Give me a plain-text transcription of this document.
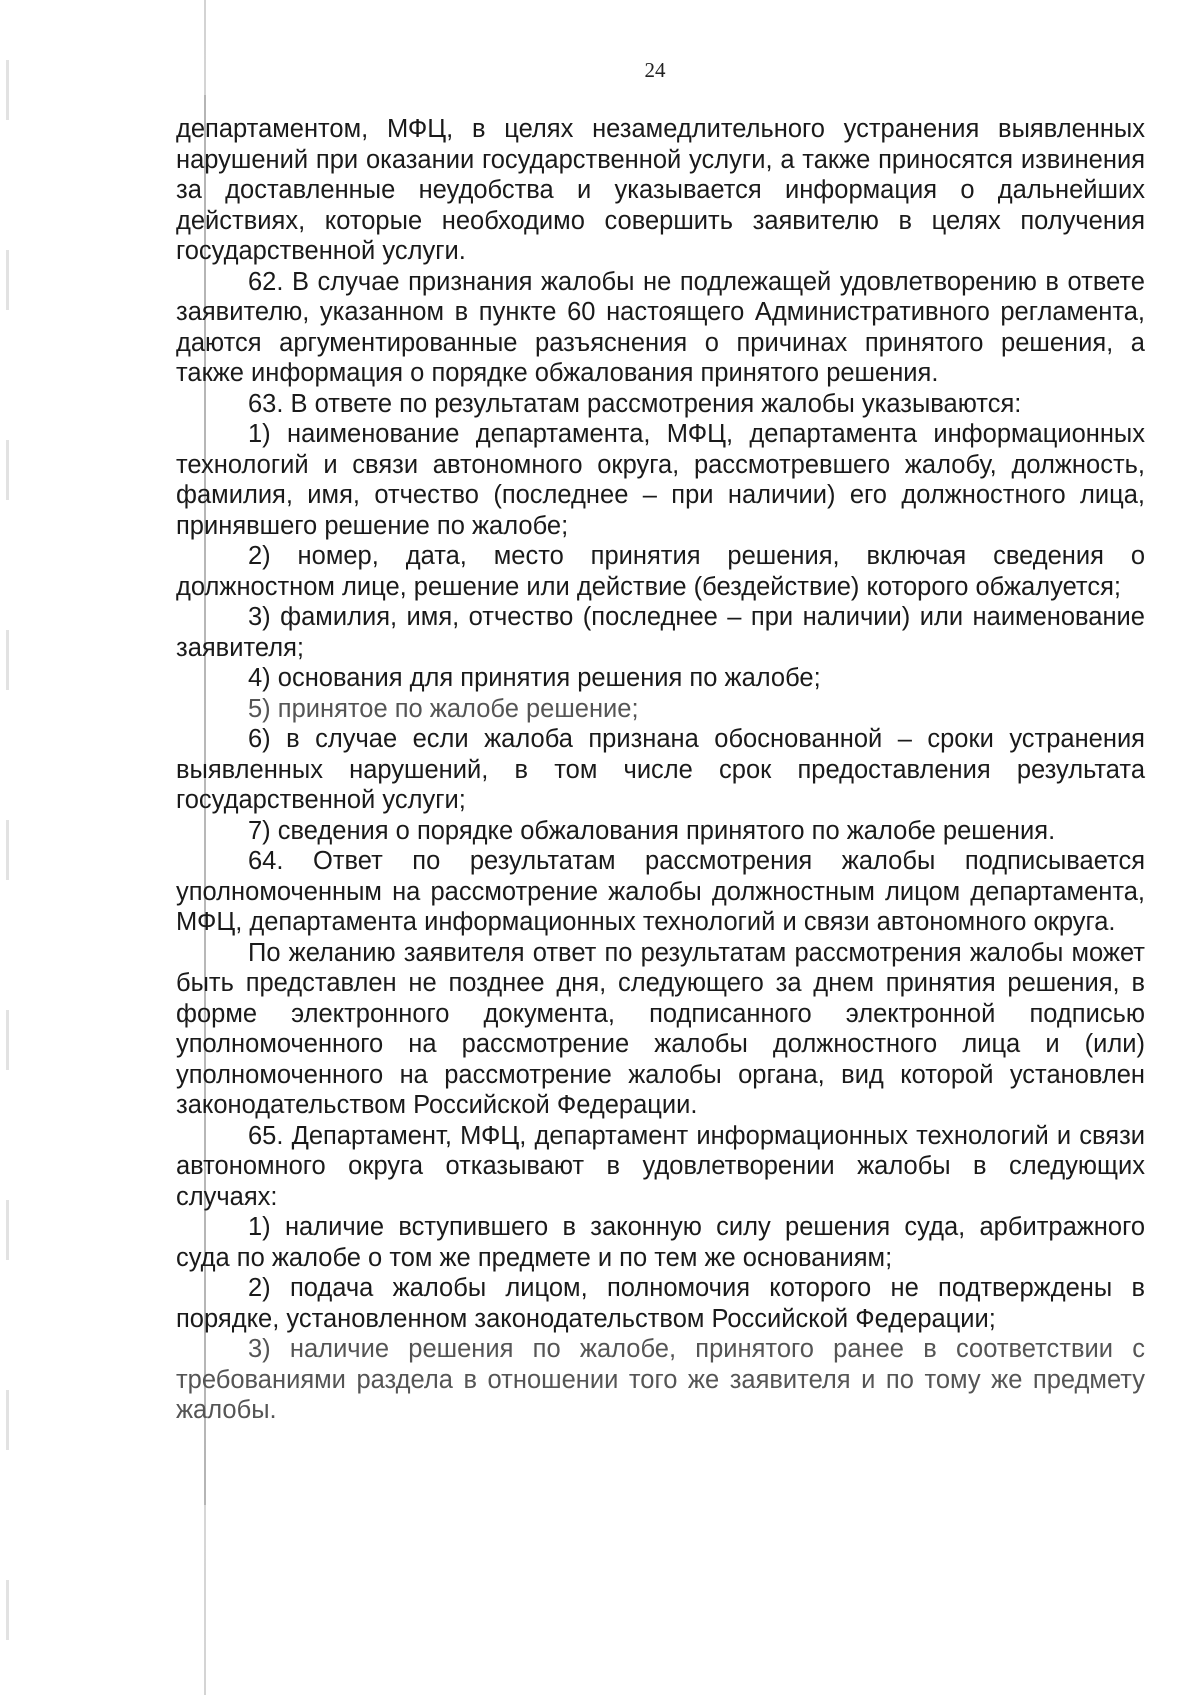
24

департаментом, МФЦ, в целях незамедлительного устранения выявленных нарушений при оказании государственной услуги, а также приносятся извинения за доставленные неудобства и указывается информация о дальнейших действиях, которые необходимо совершить заявителю в целях получения государственной услуги.

62. В случае признания жалобы не подлежащей удовлетворению в ответе заявителю, указанном в пункте 60 настоящего Административного регламента, даются аргументированные разъяснения о причинах принятого решения, а также информация о порядке обжалования принятого решения.

63. В ответе по результатам рассмотрения жалобы указываются:

1) наименование департамента, МФЦ, департамента информационных технологий и связи автономного округа, рассмотревшего жалобу, должность, фамилия, имя, отчество (последнее – при наличии) его должностного лица, принявшего решение по жалобе;

2) номер, дата, место принятия решения, включая сведения о должностном лице, решение или действие (бездействие) которого обжалуется;

3) фамилия, имя, отчество (последнее – при наличии) или наименование заявителя;

4) основания для принятия решения по жалобе;

5) принятое по жалобе решение;

6) в случае если жалоба признана обоснованной – сроки устранения выявленных нарушений, в том числе срок предоставления результата государственной услуги;

7) сведения о порядке обжалования принятого по жалобе решения.

64. Ответ по результатам рассмотрения жалобы подписывается уполномоченным на рассмотрение жалобы должностным лицом департамента, МФЦ, департамента информационных технологий и связи автономного округа.

По желанию заявителя ответ по результатам рассмотрения жалобы может быть представлен не позднее дня, следующего за днем принятия решения, в форме электронного документа, подписанного электронной подписью уполномоченного на рассмотрение жалобы должностного лица и (или) уполномоченного на рассмотрение жалобы органа, вид которой установлен законодательством Российской Федерации.

65. Департамент, МФЦ, департамент информационных технологий и связи автономного округа отказывают в удовлетворении жалобы в следующих случаях:

1) наличие вступившего в законную силу решения суда, арбитражного суда по жалобе о том же предмете и по тем же основаниям;

2) подача жалобы лицом, полномочия которого не подтверждены в порядке, установленном законодательством Российской Федерации;

3) наличие решения по жалобе, принятого ранее в соответствии с требованиями раздела в отношении того же заявителя и по тому же предмету жалобы.
